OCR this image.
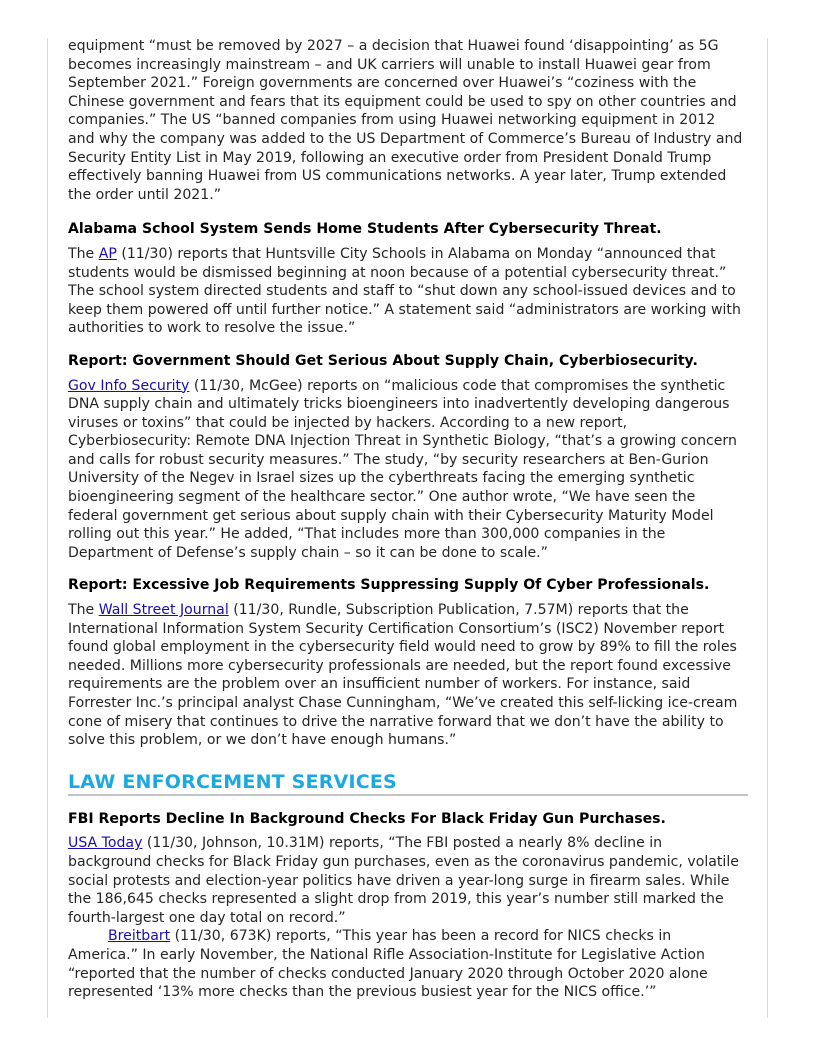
equipment “must be removed by 2027 – a decision that Huawei found ‘disappointing’ as 5G becomes increasingly mainstream – and UK carriers will unable to install Huawei gear from September 2021.” Foreign governments are concerned over Huawei’s “coziness with the Chinese government and fears that its equipment could be used to spy on other countries and companies.” The US “banned companies from using Huawei networking equipment in 2012 and why the company was added to the US Department of Commerce’s Bureau of Industry and Security Entity List in May 2019, following an executive order from President Donald Trump effectively banning Huawei from US communications networks. A year later, Trump extended the order until 2021.”

Alabama School System Sends Home Students After Cybersecurity Threat.

The AP (11/30) reports that Huntsville City Schools in Alabama on Monday “announced that students would be dismissed beginning at noon because of a potential cybersecurity threat.” The school system directed students and staff to “shut down any school-issued devices and to keep them powered off until further notice.” A statement said “administrators are working with authorities to work to resolve the issue.”

Report: Government Should Get Serious About Supply Chain, Cyberbiosecurity.

Gov Info Security (11/30, McGee) reports on “malicious code that compromises the synthetic DNA supply chain and ultimately tricks bioengineers into inadvertently developing dangerous viruses or toxins” that could be injected by hackers. According to a new report, Cyberbiosecurity: Remote DNA Injection Threat in Synthetic Biology, “that’s a growing concern and calls for robust security measures.” The study, “by security researchers at Ben-Gurion University of the Negev in Israel sizes up the cyberthreats facing the emerging synthetic bioengineering segment of the healthcare sector.” One author wrote, “We have seen the federal government get serious about supply chain with their Cybersecurity Maturity Model rolling out this year.” He added, “That includes more than 300,000 companies in the Department of Defense’s supply chain – so it can be done to scale.”

Report: Excessive Job Requirements Suppressing Supply Of Cyber Professionals.

The Wall Street Journal (11/30, Rundle, Subscription Publication, 7.57M) reports that the International Information System Security Certification Consortium’s (ISC2) November report found global employment in the cybersecurity field would need to grow by 89% to fill the roles needed. Millions more cybersecurity professionals are needed, but the report found excessive requirements are the problem over an insufficient number of workers. For instance, said Forrester Inc.’s principal analyst Chase Cunningham, “We’ve created this self-licking ice-cream cone of misery that continues to drive the narrative forward that we don’t have the ability to solve this problem, or we don’t have enough humans.”

LAW ENFORCEMENT SERVICES
FBI Reports Decline In Background Checks For Black Friday Gun Purchases.

USA Today (11/30, Johnson, 10.31M) reports, “The FBI posted a nearly 8% decline in background checks for Black Friday gun purchases, even as the coronavirus pandemic, volatile social protests and election-year politics have driven a year-long surge in firearm sales. While the 186,645 checks represented a slight drop from 2019, this year’s number still marked the fourth-largest one day total on record.”

Breitbart (11/30, 673K) reports, “This year has been a record for NICS checks in America.” In early November, the National Rifle Association-Institute for Legislative Action “reported that the number of checks conducted January 2020 through October 2020 alone represented ‘13% more checks than the previous busiest year for the NICS office.’”
